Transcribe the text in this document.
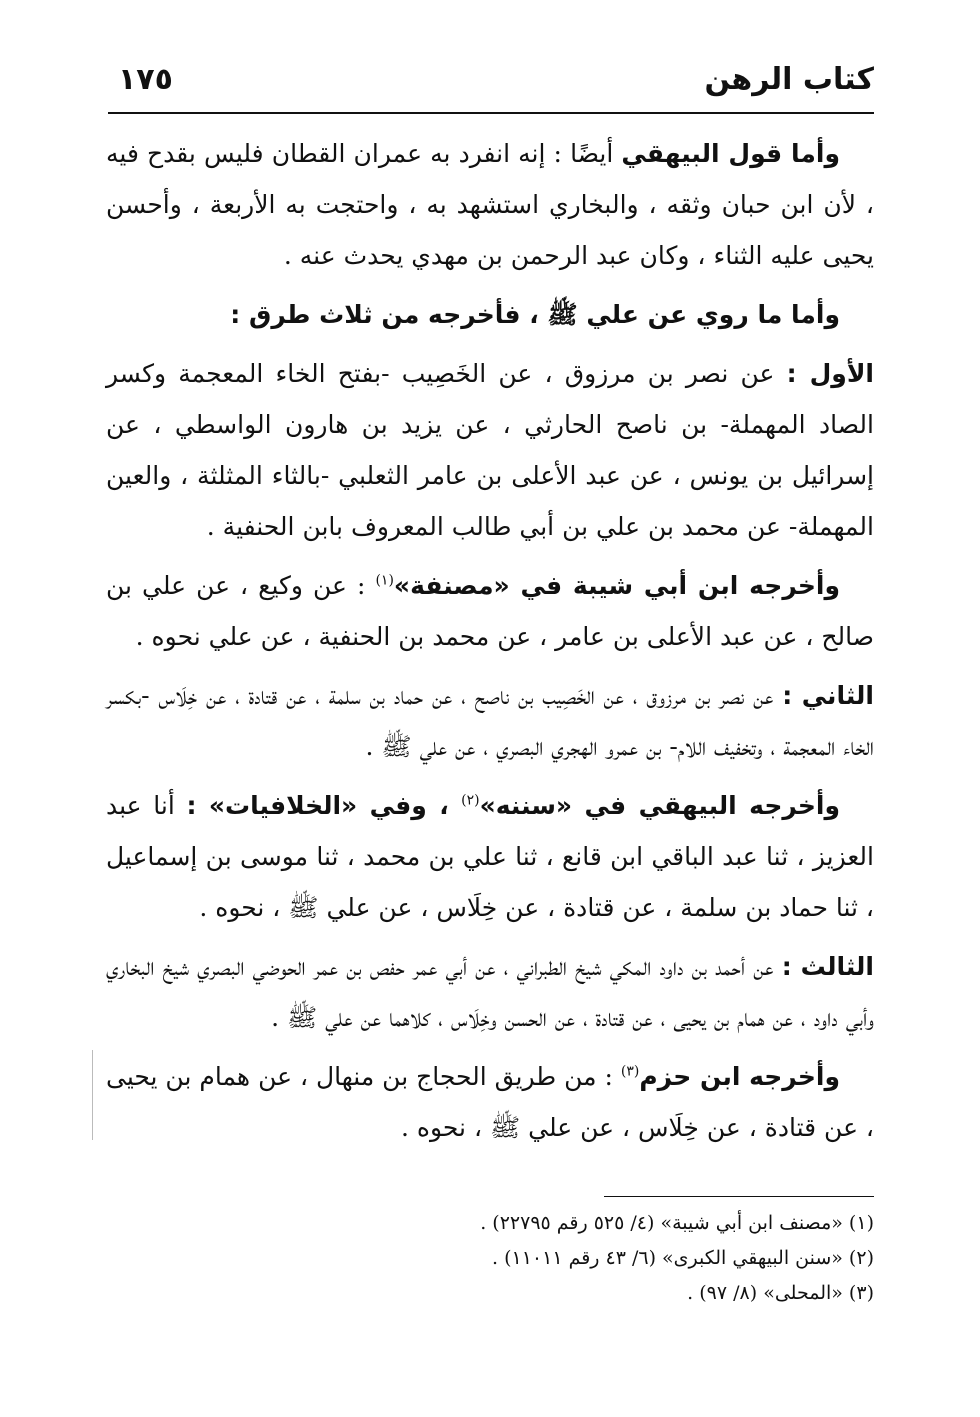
كتاب الرهن
١٧٥

وأما قول البيهقي أيضًا : إنه انفرد به عمران القطان فليس بقدح فيه ، لأن ابن حبان وثقه ، والبخاري استشهد به ، واحتجت به الأربعة ، وأحسن يحيى عليه الثناء ، وكان عبد الرحمن بن مهدي يحدث عنه .

وأما ما روي عن علي ﷺ ، فأخرجه من ثلاث طرق :

الأول : عن نصر بن مرزوق ، عن الخَصِيب -بفتح الخاء المعجمة وكسر الصاد المهملة- بن ناصح الحارثي ، عن يزيد بن هارون الواسطي ، عن إسرائيل بن يونس ، عن عبد الأعلى بن عامر الثعلبي -بالثاء المثلثة ، والعين المهملة- عن محمد بن علي بن أبي طالب المعروف بابن الحنفية .

وأخرجه ابن أبي شيبة في «مصنفة»$^{(١)}$ : عن وكيع ، عن علي بن صالح ، عن عبد الأعلى بن عامر ، عن محمد بن الحنفية ، عن علي نحوه .

الثاني : عن نصر بن مرزوق ، عن الخَصِيب بن ناصح ، عن حماد بن سلمة ، عن قتادة ، عن خِلَاس -بكسر الخاء المعجمة ، وتخفيف اللام- بن عمرو الهجري البصري ، عن علي ﷺ .

وأخرجه البيهقي في «سننه»$^{(٢)}$ ، وفي «الخلافيات» : أنا عبد العزيز ، ثنا عبد الباقي ابن قانع ، ثنا علي بن محمد ، ثنا موسى بن إسماعيل ، ثنا حماد بن سلمة ، عن قتادة ، عن خِلَاس ، عن علي ﷺ ، نحوه .

الثالث : عن أحمد بن داود المكي شيخ الطبراني ، عن أبي عمر حفص بن عمر الحوضي البصري شيخ البخاري وأبي داود ، عن همام بن يحيى ، عن قتادة ، عن الحسن وخِلَاس ، كلاهما عن علي ﷺ .

وأخرجه ابن حزم$^{(٣)}$ : من طريق الحجاج بن منهال ، عن همام بن يحيى ، عن قتادة ، عن خِلَاس ، عن علي ﷺ ، نحوه .

(١) «مصنف ابن أبي شيبة» (٤/ ٥٢٥ رقم ٢٢٧٩٥) .

(٢) «سنن البيهقي الكبرى» (٦/ ٤٣ رقم ١١٠١١) .

(٣) «المحلى» (٨/ ٩٧) .
